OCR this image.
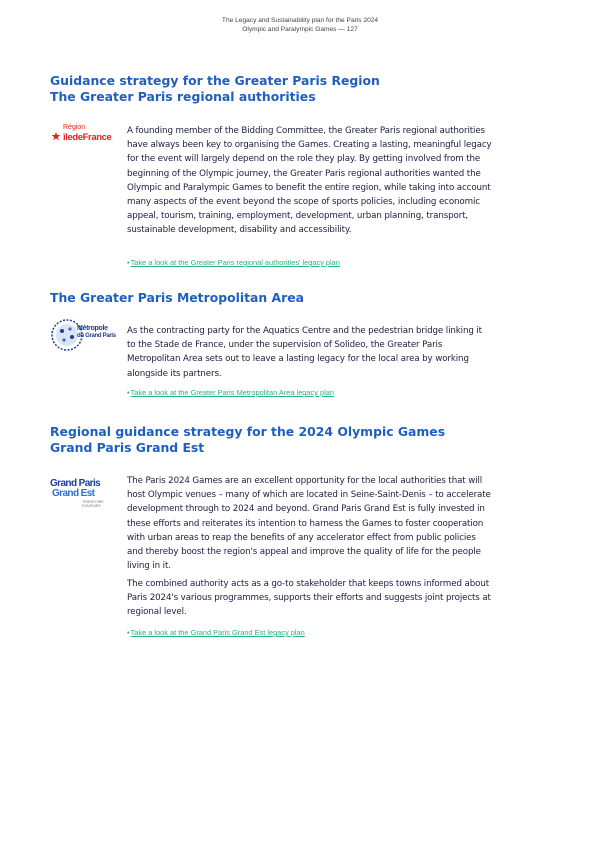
The Legacy and Sustainability plan for the Paris 2024
Olympic and Paralympic Games — 127
Guidance strategy for the Greater Paris Region
The Greater Paris regional authorities
Région
îledeFrance

A founding member of the Bidding Committee, the Greater Paris regional authorities have always been key to organising the Games. Creating a lasting, meaningful legacy for the event will largely depend on the role they play. By getting involved from the beginning of the Olympic journey, the Greater Paris regional authorities wanted the Olympic and Paralympic Games to benefit the entire region, while taking into account many aspects of the event beyond the scope of sports policies, including economic appeal, tourism, training, employment, development, urban planning, transport, sustainable development, disability and accessibility.

•Take a look at the Greater Paris regional authorities' legacy plan
The Greater Paris Metropolitan Area
Métropole
du Grand Paris As the contracting party for the Aquatics Centre and the pedestrian bridge linking it to the Stade de France, under the supervision of Solideo, the Greater Paris Metropolitan Area sets out to leave a lasting legacy for the local area by working alongside its partners.

•Take a look at the Greater Paris Metropolitan Area legacy plan
Regional guidance strategy for the 2024 Olympic Games
Grand Paris Grand Est
Grand Paris
Grand Est
TERRITOIRE
D'AVENIRS

The Paris 2024 Games are an excellent opportunity for the local authorities that will host Olympic venues – many of which are located in Seine-Saint-Denis – to accelerate development through to 2024 and beyond. Grand Paris Grand Est is fully invested in these efforts and reiterates its intention to harness the Games to foster cooperation with urban areas to reap the benefits of any accelerator effect from public policies and thereby boost the region's appeal and improve the quality of life for the people living in it.

The combined authority acts as a go-to stakeholder that keeps towns informed about Paris 2024's various programmes, supports their efforts and suggests joint projects at regional level.

•Take a look at the Grand Paris Grand Est legacy plan
